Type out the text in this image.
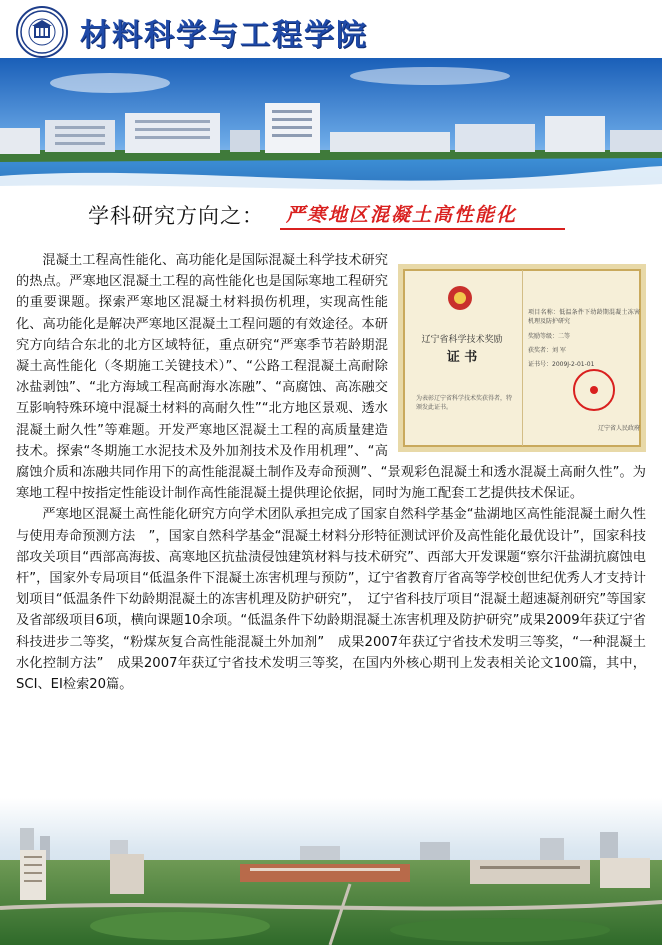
材料科学与工程学院
学科研究方向之： 严寒地区混凝土高性能化
辽宁省科学技术奖励
证 书
为表彰辽宁省科学技术奖获得者，特颁发此证书。
项目名称：低温条件下幼龄期混凝土冻害机理及防护研究
奖励等级：二等
获奖者：刘 军
证书号：2009J-2-01-01
辽宁省人民政府

混凝土工程高性能化、高功能化是国际混凝土科学技术研究的热点。严寒地区混凝土工程的高性能化也是国际寒地工程研究的重要课题。探索严寒地区混凝土材料损伤机理，实现高性能化、高功能化是解决严寒地区混凝土工程问题的有效途径。本研究方向结合东北的北方区域特征，重点研究“严寒季节若龄期混凝土高性能化（冬期施工关键技术）”、“公路工程混凝土高耐除冰盐剥蚀”、“北方海域工程高耐海水冻融”、“高腐蚀、高冻融交互影响特殊环境中混凝土材料的高耐久性”“北方地区景观、透水混凝土耐久性”等难题。开发严寒地区混凝土工程的高质量建造技术。探索“冬期施工水泥技术及外加剂技术及作用机理”、“高腐蚀介质和冻融共同作用下的高性能混凝土制作及寿命预测”、“景观彩色混凝土和透水混凝土高耐久性”。为寒地工程中按指定性能设计制作高性能混凝土提供理论依据，同时为施工配套工艺提供技术保证。

严寒地区混凝土高性能化研究方向学术团队承担完成了国家自然科学基金“盐湖地区高性能混凝土耐久性与使用寿命预测方法　”，国家自然科学基金“混凝土材料分形特征测试评价及高性能化最优设计”，国家科技部攻关项目“西部高海拔、高寒地区抗盐渍侵蚀建筑材料与技术研究”、西部大开发课题“察尔汗盐湖抗腐蚀电杆”，国家外专局项目“低温条件下混凝土冻害机理与预防”，辽宁省教育厅省高等学校创世纪优秀人才支持计划项目“低温条件下幼龄期混凝土的冻害机理及防护研究”，　辽宁省科技厅项目“混凝土超速凝剂研究”等国家及省部级项目6项，横向课题10余项。“低温条件下幼龄期混凝土冻害机理及防护研究”成果2009年获辽宁省科技进步二等奖，“粉煤灰复合高性能混凝土外加剂”　成果2007年获辽宁省技术发明三等奖，“一种混凝土水化控制方法”　成果2007年获辽宁省技术发明三等奖，在国内外核心期刊上发表相关论文100篇，其中，SCI、EI检索20篇。
